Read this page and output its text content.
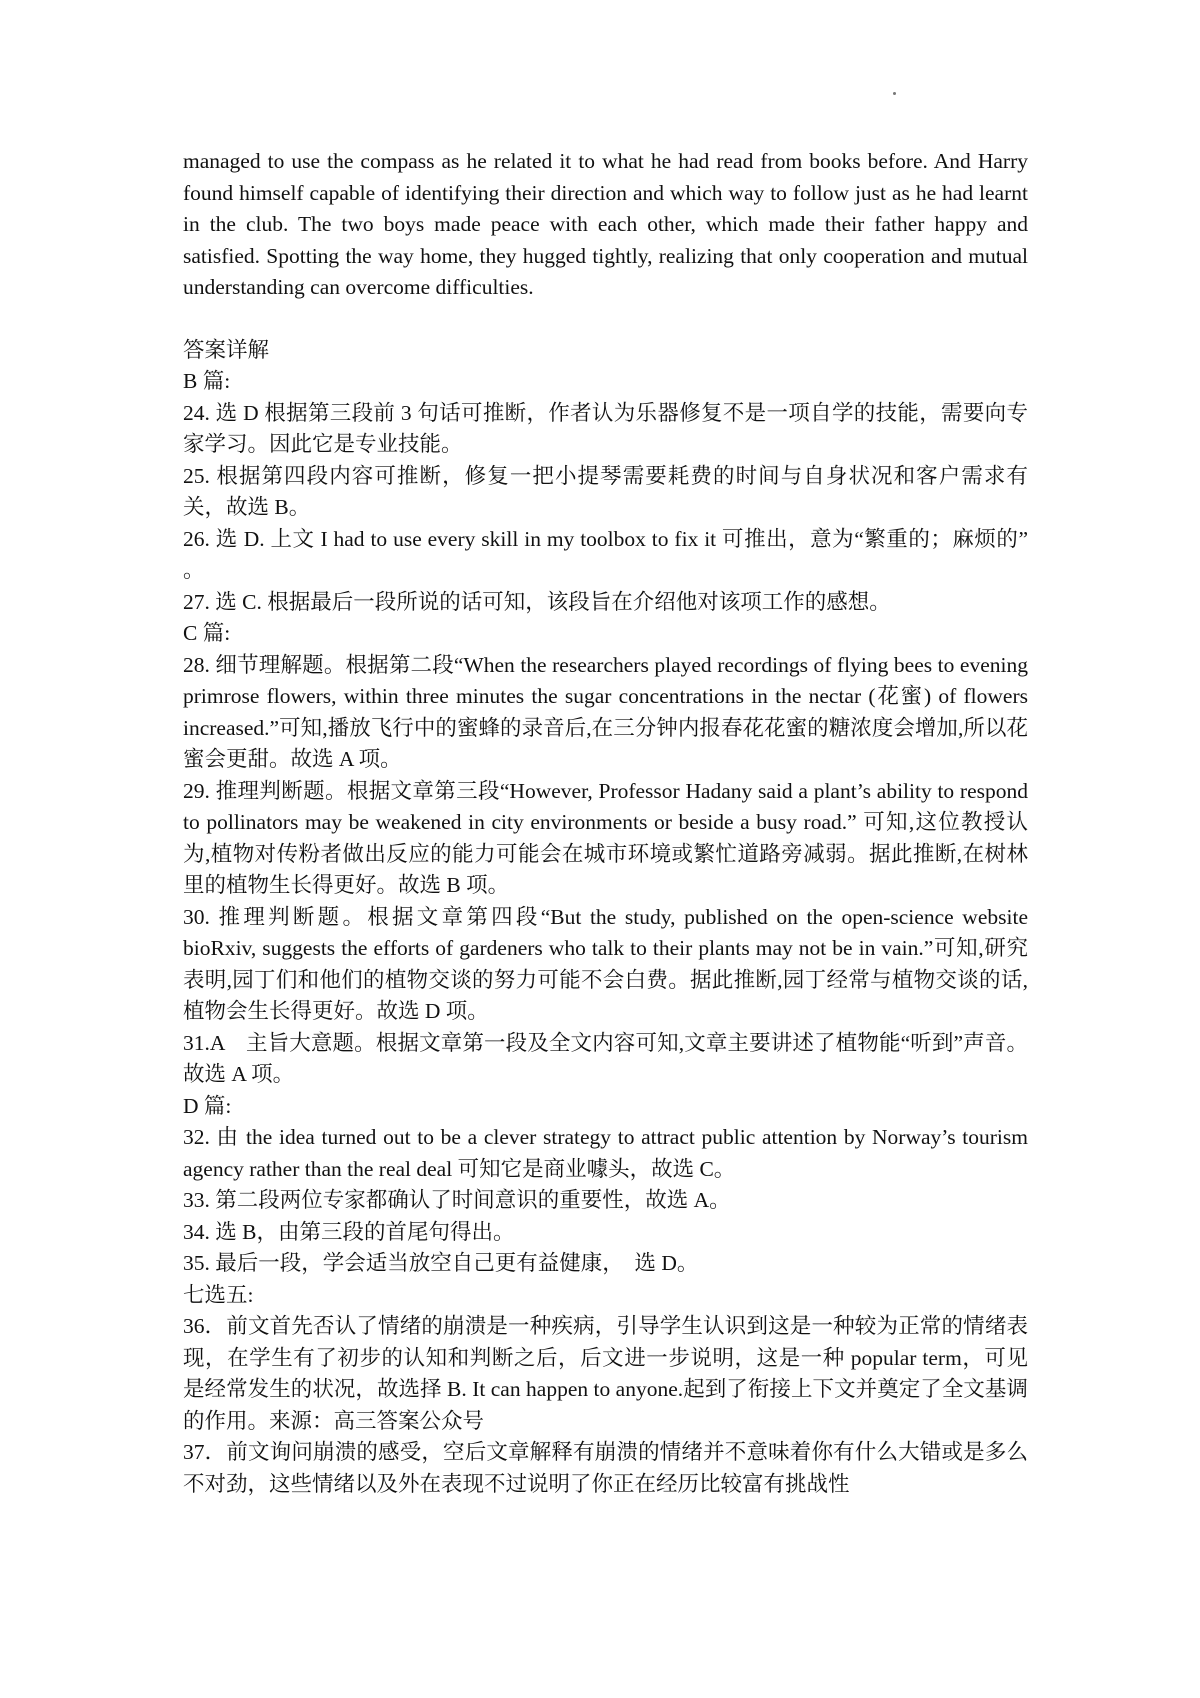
managed to use the compass as he related it to what he had read from books before. And Harry found himself capable of identifying their direction and which way to follow just as he had learnt in the club. The two boys made peace with each other, which made their father happy and satisfied. Spotting the way home, they hugged tightly, realizing that only cooperation and mutual understanding can overcome difficulties.

答案详解

B 篇:

24. 选 D 根据第三段前 3 句话可推断，作者认为乐器修复不是一项自学的技能，需要向专家学习。因此它是专业技能。

25. 根据第四段内容可推断，修复一把小提琴需要耗费的时间与自身状况和客户需求有关，故选 B。

26. 选 D. 上文 I had to use every skill in my toolbox to fix it 可推出，意为“繁重的；麻烦的” 。

27. 选 C. 根据最后一段所说的话可知，该段旨在介绍他对该项工作的感想。

C 篇:

28. 细节理解题。根据第二段“When the researchers played recordings of flying bees to evening primrose flowers, within three minutes the sugar concentrations in the nectar (花蜜) of flowers increased.”可知,播放飞行中的蜜蜂的录音后,在三分钟内报春花花蜜的糖浓度会增加,所以花蜜会更甜。故选 A 项。

29. 推理判断题。根据文章第三段“However, Professor Hadany said a plant’s ability to respond to pollinators may be weakened in city environments or beside a busy road.” 可知,这位教授认为,植物对传粉者做出反应的能力可能会在城市环境或繁忙道路旁减弱。据此推断,在树林里的植物生长得更好。故选 B 项。

30. 推理判断题。根据文章第四段“But the study, published on the open-science website bioRxiv, suggests the efforts of gardeners who talk to their plants may not be in vain.”可知,研究表明,园丁们和他们的植物交谈的努力可能不会白费。据此推断,园丁经常与植物交谈的话,植物会生长得更好。故选 D 项。

31.A　主旨大意题。根据文章第一段及全文内容可知,文章主要讲述了植物能“听到”声音。故选 A 项。

D 篇:

32. 由 the idea turned out to be a clever strategy to attract public attention by Norway’s tourism agency rather than the real deal 可知它是商业噱头，故选 C。

33. 第二段两位专家都确认了时间意识的重要性，故选 A。

34. 选 B，由第三段的首尾句得出。

35. 最后一段，学会适当放空自己更有益健康，　选 D。

七选五:

36．前文首先否认了情绪的崩溃是一种疾病，引导学生认识到这是一种较为正常的情绪表现，在学生有了初步的认知和判断之后，后文进一步说明，这是一种 popular term，可见是经常发生的状况，故选择 B. It can happen to anyone.起到了衔接上下文并奠定了全文基调的作用。来源：高三答案公众号

37．前文询问崩溃的感受，空后文章解释有崩溃的情绪并不意味着你有什么大错或是多么不对劲，这些情绪以及外在表现不过说明了你正在经历比较富有挑战性
